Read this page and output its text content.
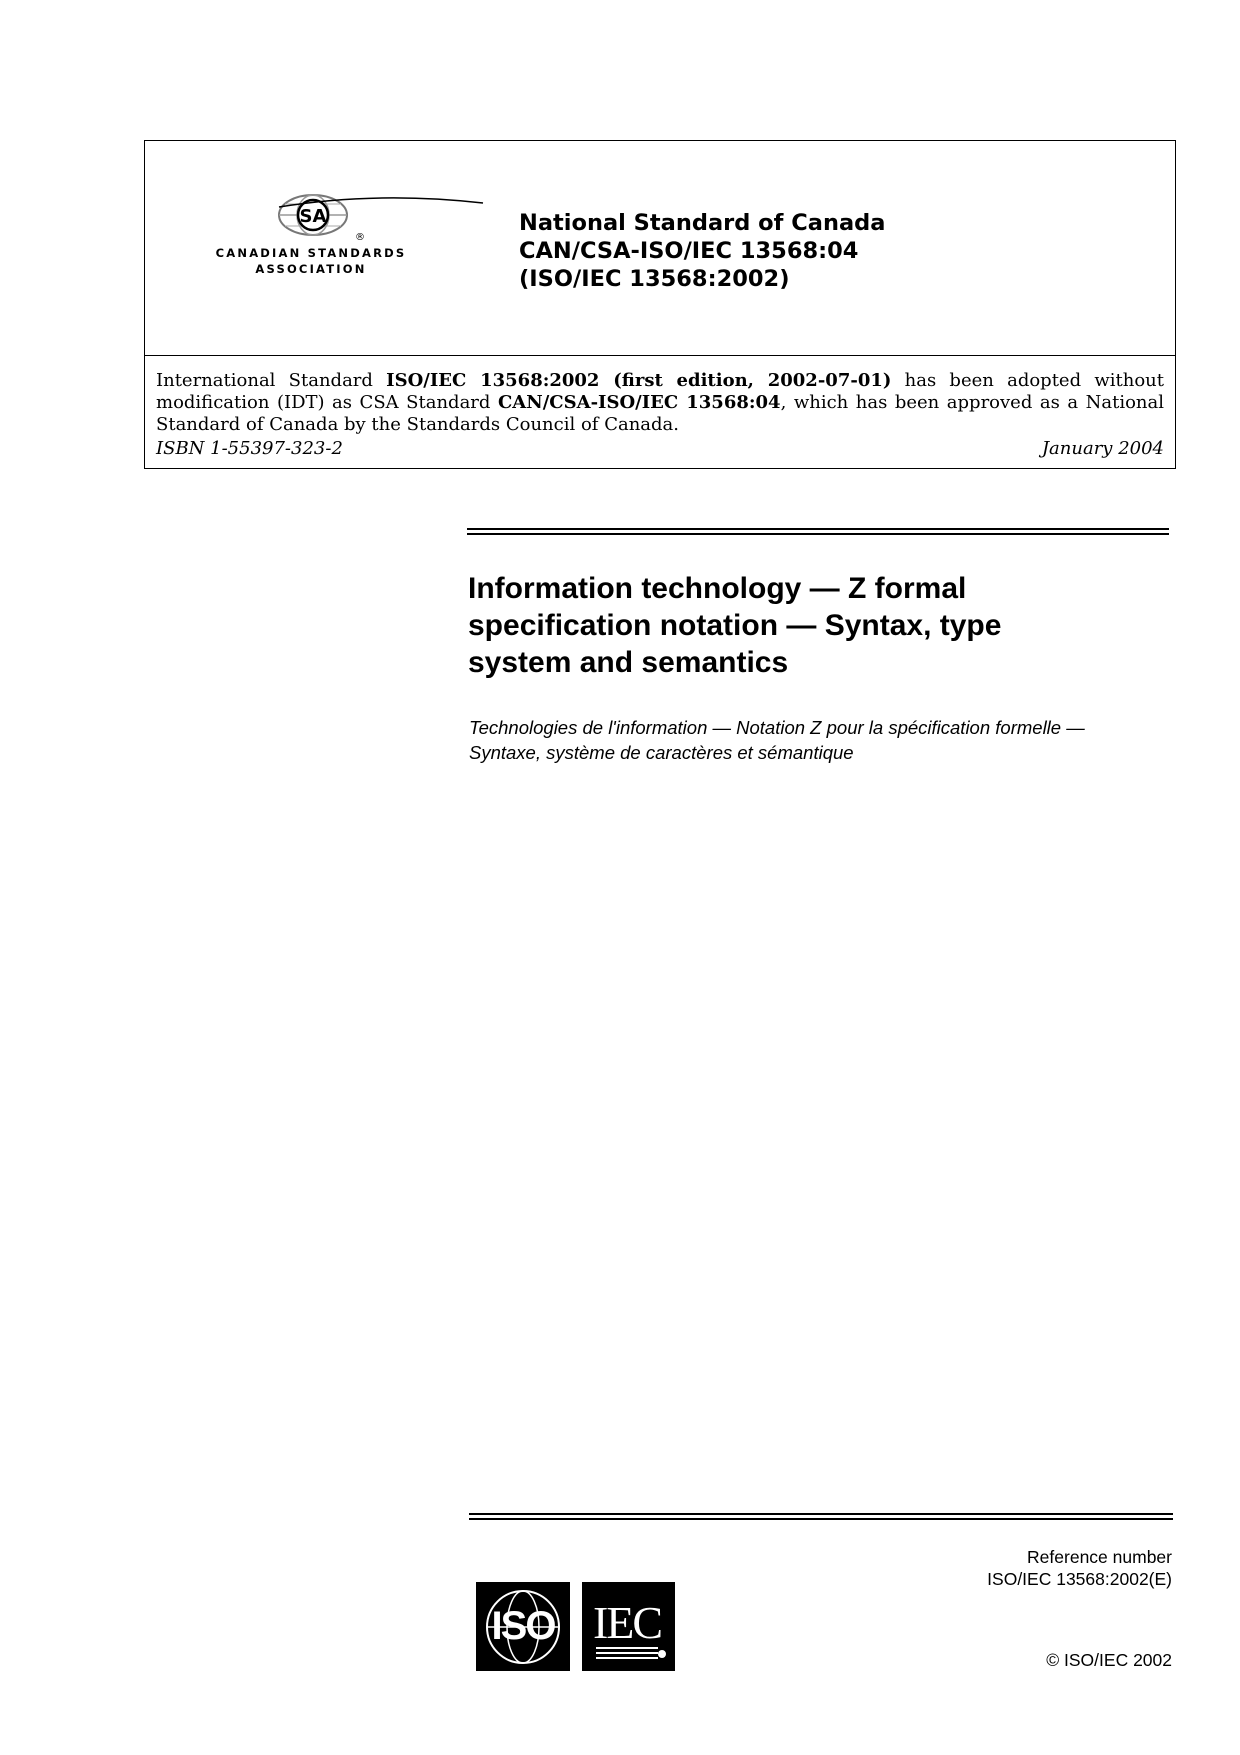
SA
®
CANADIAN STANDARDS
ASSOCIATION
National Standard of Canada
CAN/CSA-ISO/IEC 13568:04
(ISO/IEC 13568:2002)
International Standard ISO/IEC 13568:2002 (first edition, 2002-07-01) has been adopted without modification (IDT) as CSA Standard CAN/CSA-ISO/IEC 13568:04, which has been approved as a National Standard of Canada by the Standards Council of Canada.
ISBN 1-55397-323-2	January 2004
Information technology — Z formal
specification notation — Syntax, type
system and semantics
Technologies de l'information — Notation Z pour la spécification formelle —
Syntaxe, système de caractères et sémantique
Reference number
ISO/IEC 13568:2002(E)
ISO IEC
© ISO/IEC 2002
